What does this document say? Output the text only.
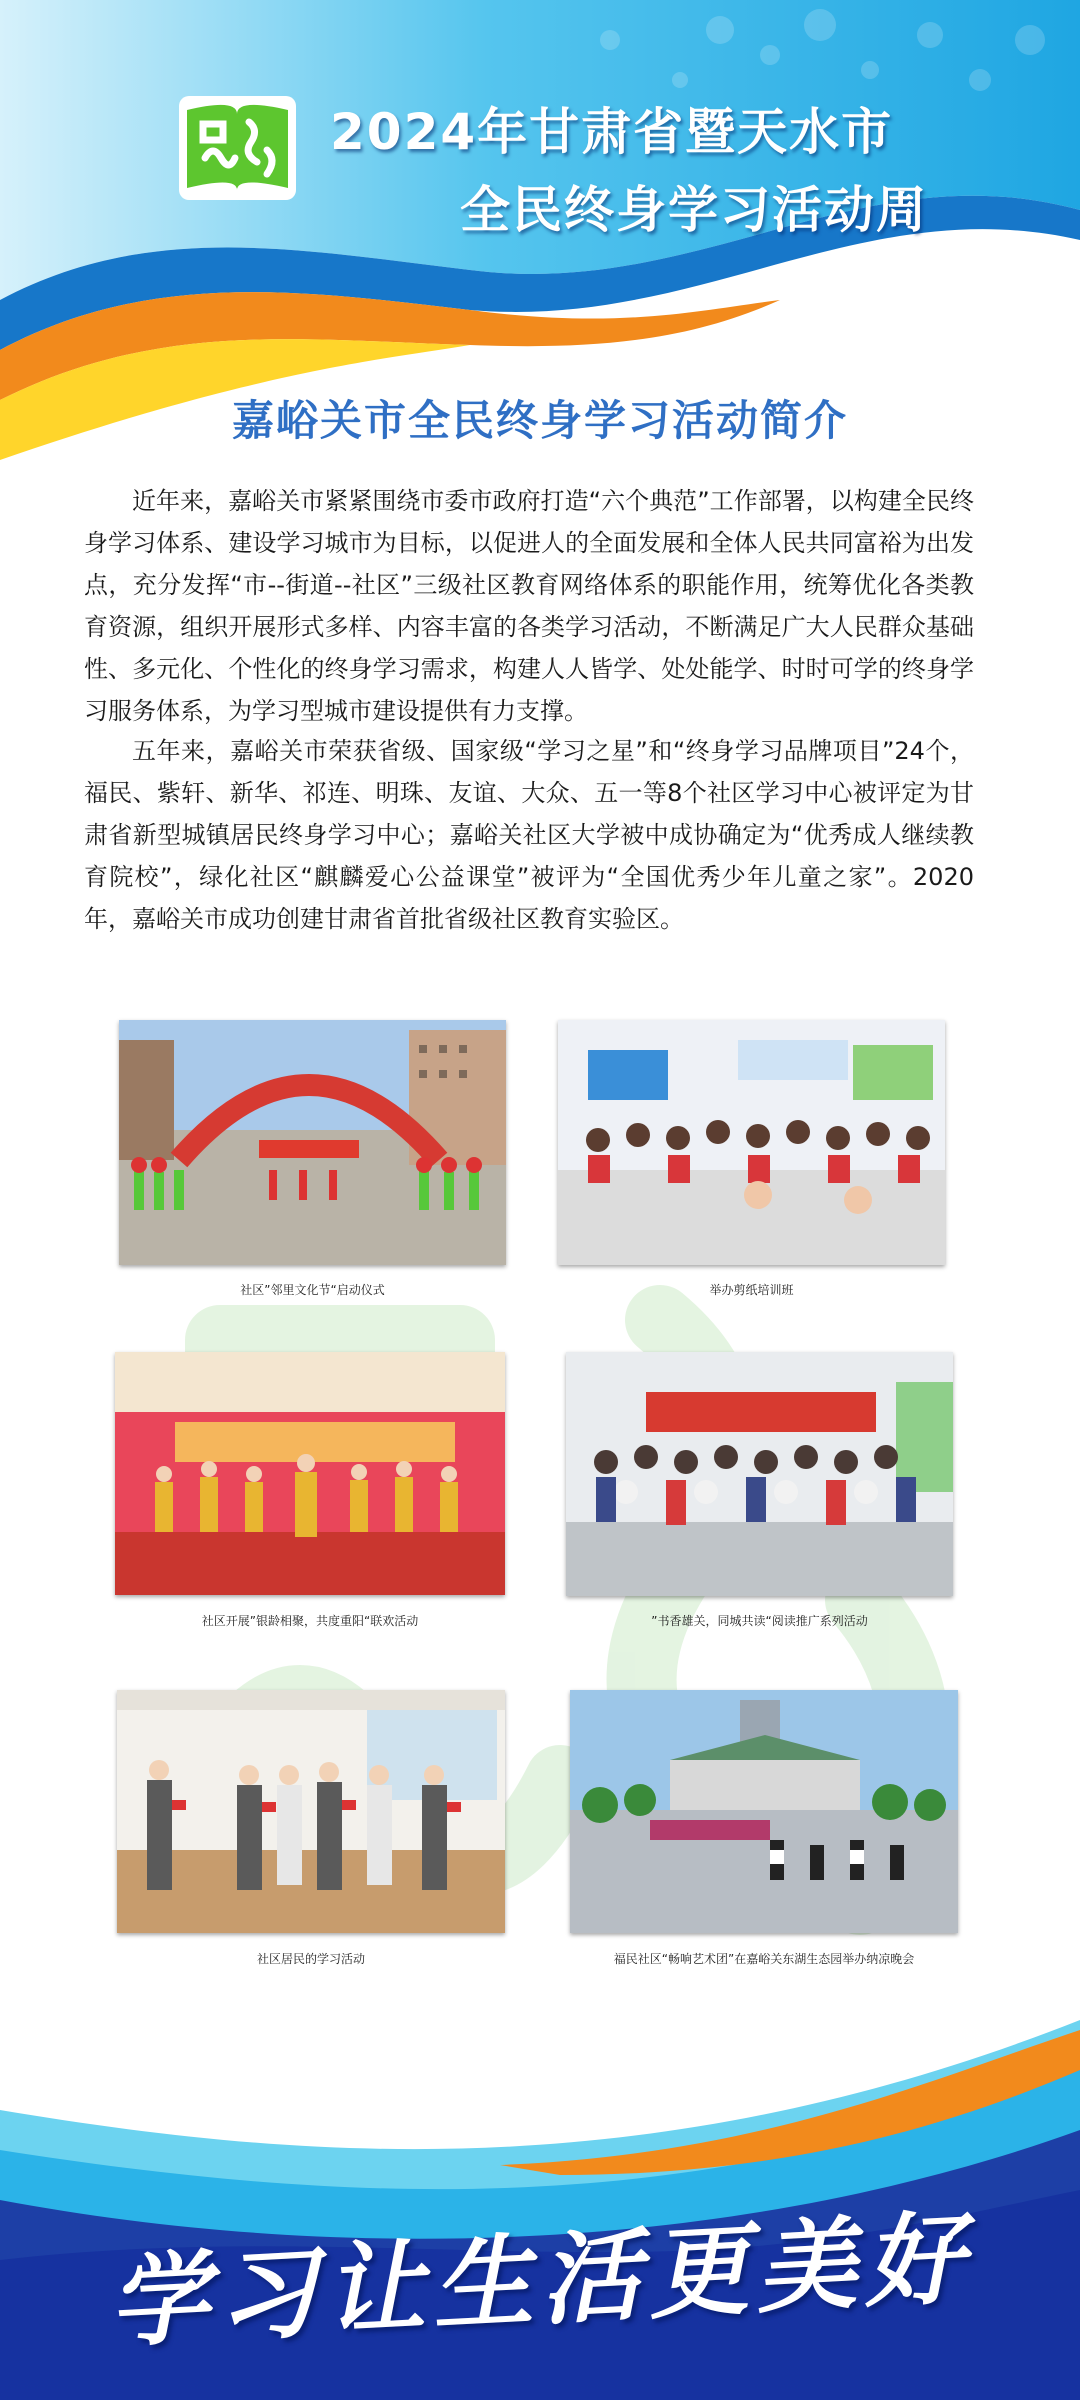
2024年甘肃省暨天水市
全民终身学习活动周
嘉峪关市全民终身学习活动简介

近年来，嘉峪关市紧紧围绕市委市政府打造“六个典范”工作部署，以构建全民终身学习体系、建设学习城市为目标，以促进人的全面发展和全体人民共同富裕为出发点，充分发挥“市--街道--社区”三级社区教育网络体系的职能作用，统筹优化各类教育资源，组织开展形式多样、内容丰富的各类学习活动，不断满足广大人民群众基础性、多元化、个性化的终身学习需求，构建人人皆学、处处能学、时时可学的终身学习服务体系，为学习型城市建设提供有力支撑。

五年来，嘉峪关市荣获省级、国家级“学习之星”和“终身学习品牌项目”24个，福民、紫轩、新华、祁连、明珠、友谊、大众、五一等8个社区学习中心被评定为甘肃省新型城镇居民终身学习中心；嘉峪关社区大学被中成协确定为“优秀成人继续教育院校”，绿化社区“麒麟爱心公益课堂”被评为“全国优秀少年儿童之家”。2020年，嘉峪关市成功创建甘肃省首批省级社区教育实验区。

社区”邻里文化节“启动仪式	举办剪纸培训班
社区开展”银龄相聚，共度重阳“联欢活动	”书香雄关，同城共读“阅读推广系列活动
社区居民的学习活动	福民社区“畅响艺术团”在嘉峪关东湖生态园举办纳凉晚会
学习让生活更美好
